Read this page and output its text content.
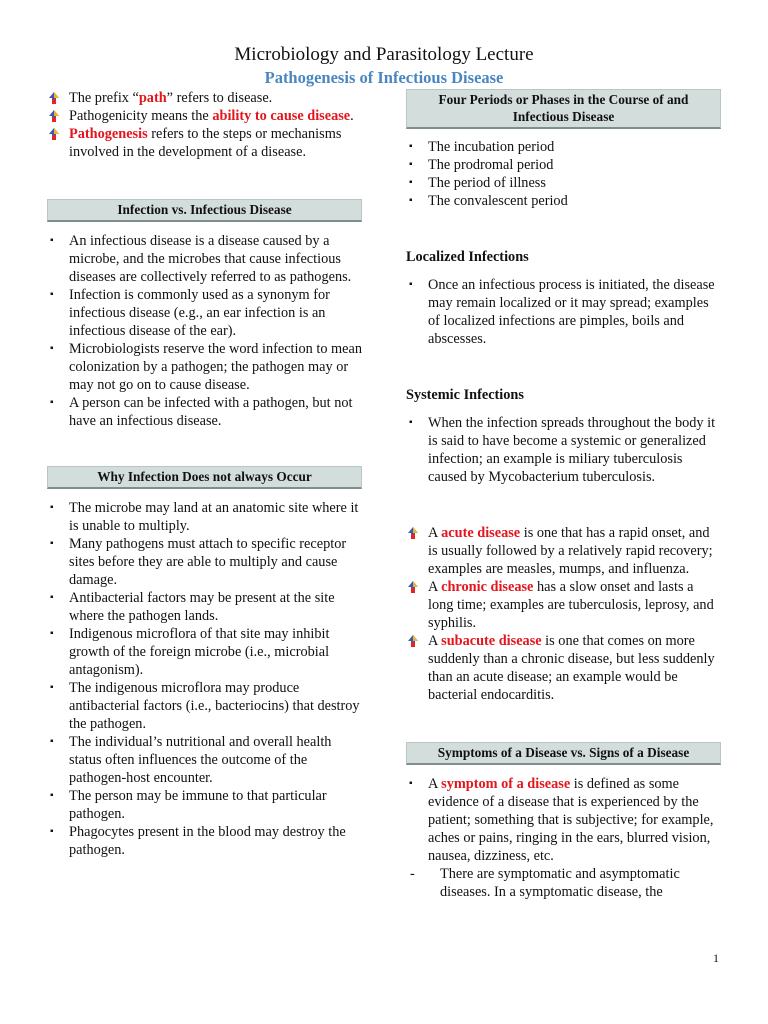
Microbiology and Parasitology Lecture
Pathogenesis of Infectious Disease
The prefix “path” refers to disease.
Pathogenicity means the ability to cause disease.
Pathogenesis refers to the steps or mechanisms involved in the development of a disease.
Infection vs. Infectious Disease
▪ An infectious disease is a disease caused by a microbe, and the microbes that cause infectious diseases are collectively referred to as pathogens.
▪ Infection is commonly used as a synonym for infectious disease (e.g., an ear infection is an infectious disease of the ear).
▪ Microbiologists reserve the word infection to mean colonization by a pathogen; the pathogen may or may not go on to cause disease.
▪ A person can be infected with a pathogen, but not have an infectious disease.
Why Infection Does not always Occur
▪ The microbe may land at an anatomic site where it is unable to multiply.
▪ Many pathogens must attach to specific receptor sites before they are able to multiply and cause damage.
▪ Antibacterial factors may be present at the site where the pathogen lands.
▪ Indigenous microflora of that site may inhibit growth of the foreign microbe (i.e., microbial antagonism).
▪ The indigenous microflora may produce antibacterial factors (i.e., bacteriocins) that destroy the pathogen.
▪ The individual’s nutritional and overall health status often influences the outcome of the pathogen-host encounter.
▪ The person may be immune to that particular pathogen.
▪ Phagocytes present in the blood may destroy the pathogen.
Four Periods or Phases in the Course of and Infectious Disease
▪ The incubation period
▪ The prodromal period
▪ The period of illness
▪ The convalescent period
Localized Infections
▪ Once an infectious process is initiated, the disease may remain localized or it may spread; examples of localized infections are pimples, boils and abscesses.
Systemic Infections
▪ When the infection spreads throughout the body it is said to have become a systemic or generalized infection; an example is miliary tuberculosis caused by Mycobacterium tuberculosis.
A acute disease is one that has a rapid onset, and is usually followed by a relatively rapid recovery; examples are measles, mumps, and influenza.
A chronic disease has a slow onset and lasts a long time; examples are tuberculosis, leprosy, and syphilis.
A subacute disease is one that comes on more suddenly than a chronic disease, but less suddenly than an acute disease; an example would be bacterial endocarditis.
Symptoms of a Disease vs. Signs of a Disease
▪ A symptom of a disease is defined as some evidence of a disease that is experienced by the patient; something that is subjective; for example, aches or pains, ringing in the ears, blurred vision, nausea, dizziness, etc.
- There are symptomatic and asymptomatic diseases. In a symptomatic disease, the
1
